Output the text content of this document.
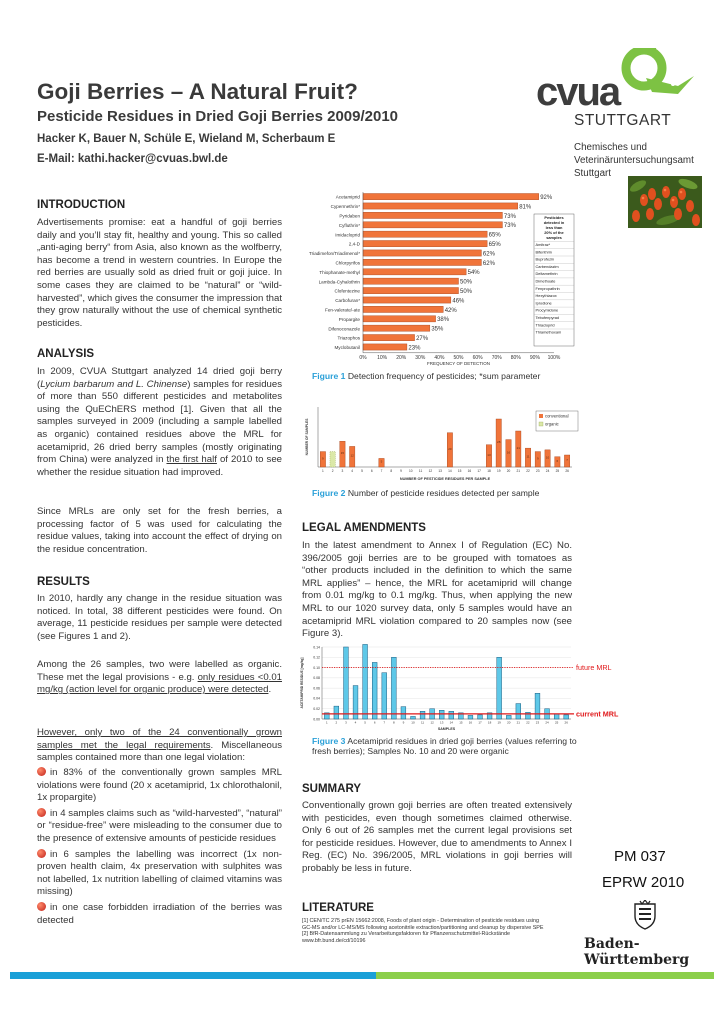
Goji Berries – A Natural Fruit?
Pesticide Residues in Dried Goji Berries 2009/2010
Hacker K, Bauer N, Schüle E, Wieland M, Scherbaum E
E-Mail: kathi.hacker@cvuas.bwl.de
cvua
STUTTGART
Chemisches und
Veterinäruntersuchungsamt
Stuttgart
INTRODUCTION

Advertisements promise: eat a handful of goji berries daily and you’ll stay fit, healthy and young. This so called „anti-aging berry“ from Asia, also known as the wolfberry, has become a trend in western countries. In Europe the red berries are usually sold as dried fruit or goji juice. In some cases they are claimed to be “natural” or “wild-harvested”, which gives the consumer the impression that they grow naturally without the use of chemical synthetic pesticides.

ANALYSIS

In 2009, CVUA Stuttgart analyzed 14 dried goji berry (Lycium barbarum and L. Chinense) samples for residues of more than 550 different pesticides and metabolites using the QuEChERS method [1]. Given that all the samples surveyed in 2009 (including a sample labelled as organic) contained residues above the MRL for acetamiprid, 26 dried berry samples (mostly originating from China) were analyzed in the first half of 2010 to see whether the residue situation had improved.

Since MRLs are only set for the fresh berries, a processing factor of 5 was used for calculating the residue values, taking into account the effect of drying on the residue concentration.

RESULTS

In 2010, hardly any change in the residue situation was noticed. In total, 38 different pesticides were found. On average, 11 pesticide residues per sample were detected (see Figures 1 and 2).

Among the 26 samples, two were labelled as organic. These met the legal provisions - e.g. only residues <0.01 mg/kg (action level for organic produce) were detected.

However, only two of the 24 conventionally grown samples met the legal requirements. Miscellaneous samples contained more than one legal violation:

in 83% of the conventionally grown samples MRL violations were found (20 x acetamiprid, 1x chlorothalonil, 1x propargite)

in 4 samples claims such as “wild-harvested”, “natural” or “residue-free” were misleading to the consumer due to the presence of extensive amounts of pesticide residues

in 6 samples the labelling was incorrect (1x non-proven health claim, 4x preservation with sulphites was not labelled, 1x nutrition labelling of claimed vitamins was missing)

in one case forbidden irradiation of the berries was detected

Acetamiprid	92%
Cypermethrin*	81%
Pyridaben	73%
Cyfluthrin*	73%
Imidacloprid	65%
2,4-D	65%
Triadimefon/Triadimenol*	62%
Chlorpyrifos	62%
Thiophanate-methyl	54%
Lambda-Cyhalothrin	50%
Clofentezine	50%
Carbofuran*	46%
Fen-valerate/-ate	42%
Propargite	38%
Difenoconazole	35%
Triazophos	27%
Myclobutanil	23%
0% 10% 20% 30% 40% 50% 60% 70% 80% 90% 100%
FREQUENCY OF DETECTION
Pesticides
detected in
less than
20% of the
samples
Amitraz*
Bifenthrin
Buprofezin
Carbendazim
Deltamethrin
Dimethoate
Fenpropathrin
Hexythiazox
Iprodione
Procymidone
Tebufenpyrad
Thiacloprid
Thiamethoxam
Figure 1 Detection frequency of pesticides; *sum parameter
9
1 2
15
3
12
4 5 6
5
7 8 9 10 11 12 13
20
14 15 16 17
13
18
28
19
16
20
21
21
11
22
9
23
10
24
6
25
7
26
NUMBER OF PESTICIDE RESIDUES PER SAMPLE
NUMBER OF SAMPLES
conventional
organic
Figure 2 Number of pesticide residues detected per sample
LEGAL AMENDMENTS

In the latest amendment to Annex I of Regulation (EC) No. 396/2005 goji berries are to be grouped with tomatoes as “other products included in the definition to which the same MRL applies” – hence, the MRL for acetamiprid will change from 0.01 mg/kg to 0.1 mg/kg. Thus, when applying the new MRL to our 1020 survey data, only 5 samples would have an acetamiprid MRL violation compared to 20 samples now (see Figure 3).

0.00
0.02
0.04
0.06
0.08
0.10
0.12
0.14
1	2	3	4	5	6	7	8	9 10 11 12 13 14 15 16 17 18 19 20 21 22 23 24 25 26
future MRL
current MRL
SAMPLES
ACETAMIPRID RESIDUE [mg/kg]
Figure 3 Acetamiprid residues in dried goji berries (values referring to fresh berries); Samples No. 10 and 20 were organic
SUMMARY

Conventionally grown goji berries are often treated extensively with pesticides, even though sometimes claimed otherwise. Only 6 out of 26 samples met the current legal provisions set for pesticide residues. However, due to amendments to Annex I Reg. (EC) No. 396/2005, MRL violations in goji berries will probably be less in future.

LITERATURE
[1] CEN/TC 275 prEN 15662:2008, Foods of plant origin - Determination of pesticide residues using
GC-MS and/or LC-MS/MS following acetonitrile extraction/partitioning and cleanup by dispersive SPE
[2] BfR-Datensammlung zu Verarbeitungsfaktoren für Pflanzenschutzmittel-Rückstände
www.bfr.bund.de/cd/10196
PM 037
EPRW 2010
Baden-Württemberg
